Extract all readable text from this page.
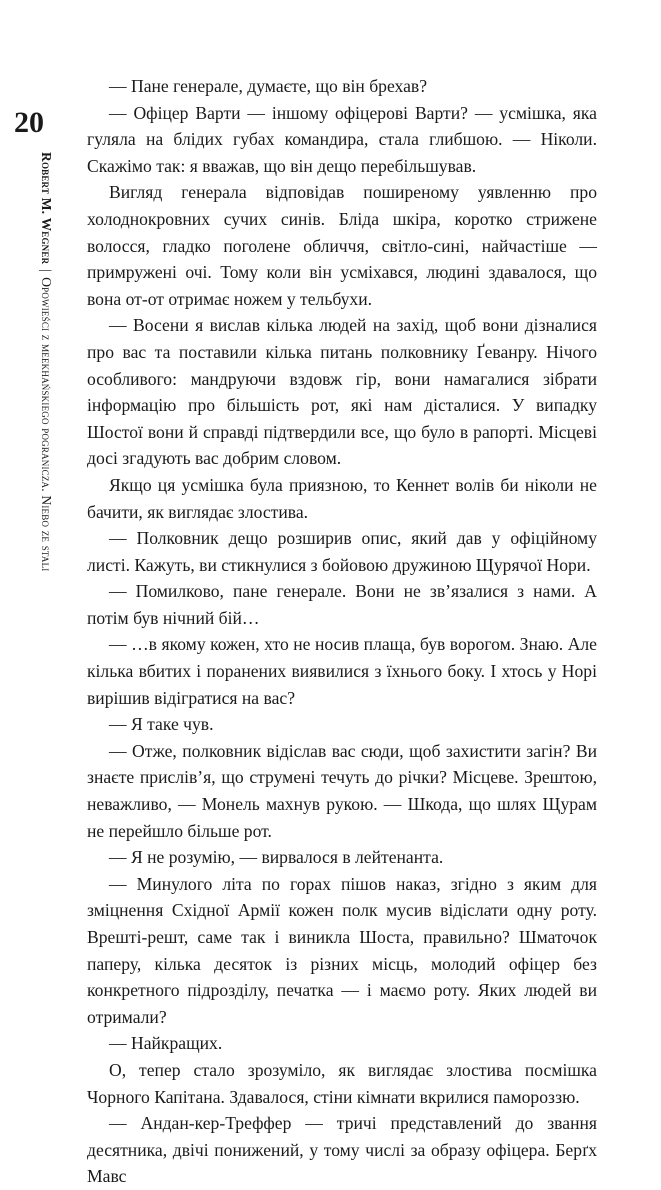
20
Robert M. Wegner|Opowieści z meekhańskiego pogranicza. Niebo ze stali

— Пане генерале, думаєте, що він брехав?

— Офіцер Варти — іншому офіцерові Варти? — усмішка, яка гуляла на блідих губах командира, стала глибшою. — Ніколи. Скажімо так: я вважав, що він дещо перебільшував.

Вигляд генерала відповідав поширеному уявленню про холоднокровних сучих синів. Бліда шкіра, коротко стрижене волосся, гладко поголене обличчя, світло-сині, найчастіше — примружені очі. Тому коли він усміхався, людині здавалося, що вона от-от отримає ножем у тельбухи.

— Восени я вислав кілька людей на захід, щоб вони дізналися про вас та поставили кілька питань полковнику Ґеванру. Нічого особливого: мандруючи вздовж гір, вони намагалися зібрати інформацію про більшість рот, які нам дісталися. У випадку Шостої вони й справді підтвердили все, що було в рапорті. Місцеві досі згадують вас добрим словом.

Якщо ця усмішка була приязною, то Кеннет волів би ніколи не бачити, як виглядає злостива.

— Полковник дещо розширив опис, який дав у офіційному листі. Кажуть, ви стикнулися з бойовою дружиною Щурячої Нори.

— Помилково, пане генерале. Вони не зв’язалися з нами. А потім був нічний бій…

— …в якому кожен, хто не носив плаща, був ворогом. Знаю. Але кілька вбитих і поранених виявилися з їхнього боку. І хтось у Норі вирішив відігратися на вас?

— Я таке чув.

— Отже, полковник відіслав вас сюди, щоб захистити загін? Ви знаєте прислів’я, що струмені течуть до річки? Місцеве. Зрештою, неважливо, — Монель махнув рукою. — Шкода, що шлях Щурам не перейшло більше рот.

— Я не розумію, — вирвалося в лейтенанта.

— Минулого літа по горах пішов наказ, згідно з яким для змiцнення Східної Армії кожен полк мусив відіслати одну роту. Врешті-решт, саме так і виникла Шоста, правильно? Шматочок паперу, кілька десяток із різних місць, молодий офіцер без конкретного підрозділу, печатка — і маємо роту. Яких людей ви отримали?

— Найкращих.

О, тепер стало зрозуміло, як виглядає злостива посмішка Чорного Капітана. Здавалося, стіни кімнати вкрилися памороззю.

— Андан-кер-Треффер — тричі представлений до звання десятника, двічі понижений, у тому числі за образу офіцера. Берґх Мавс
